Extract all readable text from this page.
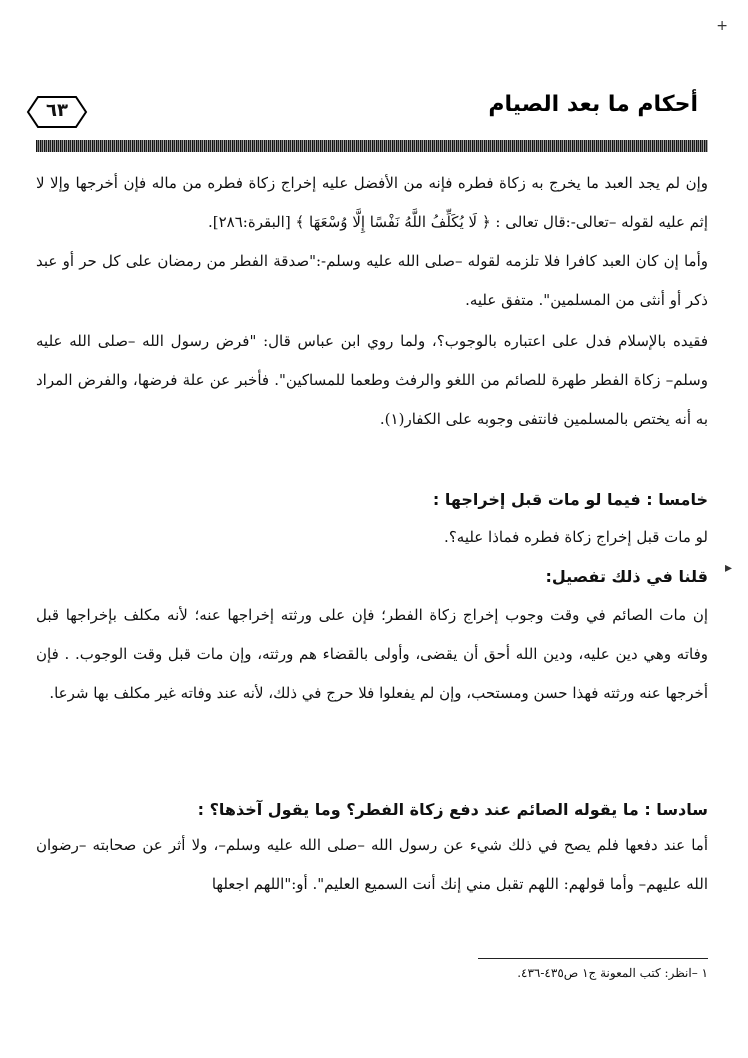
+
▸
أحكام ما بعد الصيام
٦٣
وإن لم يجد العبد ما يخرج به زكاة فطره فإنه من الأفضل عليه إخراج زكاة فطره من ماله فإن أخرجها وإلا لا إثم عليه لقوله –تعالى-:قال تعالى : ﴿ لَا يُكَلِّفُ اللَّهُ نَفْسًا إِلَّا وُسْعَهَا ﴾ [البقرة:٢٨٦].
وأما إن كان العبد كافرا فلا تلزمه لقوله –صلى الله عليه وسلم-:"صدقة الفطر من رمضان على كل حر أو عبد ذكر أو أنثى من المسلمين". متفق عليه.
فقيده بالإسلام فدل على اعتباره بالوجوب؟، ولما روي ابن عباس قال: "فرض رسول الله –صلى الله عليه وسلم– زكاة الفطر طهرة للصائم من اللغو والرفث وطعما للمساكين". فأخبر عن علة فرضها، والفرض المراد به أنه يختص بالمسلمين فانتفى وجوبه على الكفار(١).
خامسا : فيما لو مات قبل إخراجها :
لو مات قبل إخراج زكاة فطره فماذا عليه؟.
قلنا في ذلك تفصيل:
إن مات الصائم في وقت وجوب إخراج زكاة الفطر؛ فإن على ورثته إخراجها عنه؛ لأنه مكلف بإخراجها قبل وفاته وهي دين عليه، ودين الله أحق أن يقضى، وأولى بالقضاء هم ورثته، وإن مات قبل وقت الوجوب. . فإن أخرجها عنه ورثته فهذا حسن ومستحب، وإن لم يفعلوا فلا حرج في ذلك، لأنه عند وفاته غير مكلف بها شرعا.
سادسا : ما يقوله الصائم عند دفع زكاة الفطر؟ وما يقول آخذها؟ :
أما عند دفعها فلم يصح في ذلك شيء عن رسول الله –صلى الله عليه وسلم–، ولا أثر عن صحابته –رضوان الله عليهم– وأما قولهم: اللهم تقبل مني إنك أنت السميع العليم". أو:"اللهم اجعلها
١ –انظر: كتب المعونة ج١ ص٤٣٥-٤٣٦.
